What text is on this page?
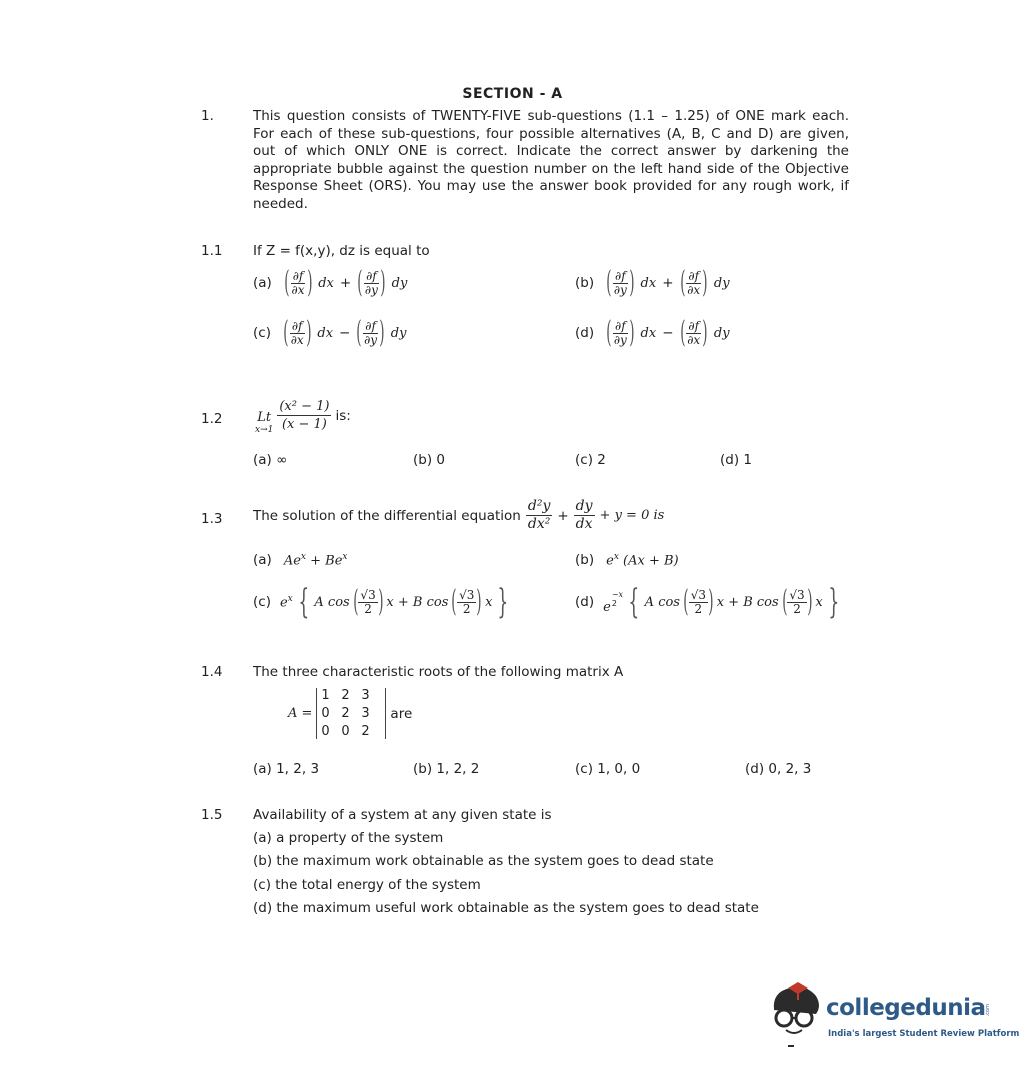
SECTION - A
1.	This question consists of TWENTY-FIVE sub-questions (1.1 – 1.25) of ONE mark each. For each of these sub-questions, four possible alternatives (A, B, C and D) are given, out of which ONLY ONE is correct. Indicate the correct answer by darkening the appropriate bubble against the question number on the left hand side of the Objective Response Sheet (ORS). You may use the answer book provided for any rough work, if needed.
1.1 If Z = f(x,y), dz is equal to
(a) ( $\frac{\partial f}{\partial x}$ ) dx + ( $\frac{\partial f}{\partial y}$ ) dy	(b) ( $\frac{\partial f}{\partial y}$ ) dx + ( $\frac{\partial f}{\partial x}$ ) dy
(c) ( $\frac{\partial f}{\partial x}$ ) dx − ( $\frac{\partial f}{\partial y}$ ) dy	(d) ( $\frac{\partial f}{\partial y}$ ) dx − ( $\frac{\partial f}{\partial x}$ ) dy
1.2	Lt
$x\to 1 \frac{\text{(x² − 1)}}{(x - 1)}$ is:
(a) ∞	(b) 0	(c) 2	(d) 1
1.3 The solution of the differential equation $\frac{\text{d²y}}{\text{dx²}} + \frac{dy}{dx} + y = 0$ is
(a) $Ae^x + Be^x$	(b) $e^x$ (Ax + B)
(c) $e^x$ { A cos ( $\frac{√3}{2}$ ) x + B cos ( $\frac{√3}{2}$ ) x }	(d) e
−x
2 { A cos ( $\frac{√3}{2}$ ) x + B cos ( $\frac{√3}{2}$ ) x }
1.4 The three characteristic roots of the following matrix A
A =
1 2 3
0 2 3
0 0 2
are
(a) 1, 2, 3	(b) 1, 2, 2	(c) 1, 0, 0	(d) 0, 2, 3
1.5 Availability of a system at any given state is
(a) a property of the system
(b) the maximum work obtainable as the system goes to dead state
(c) the total energy of the system
(d) the maximum useful work obtainable as the system goes to dead state
collegedunia .com
India's largest Student Review Platform
